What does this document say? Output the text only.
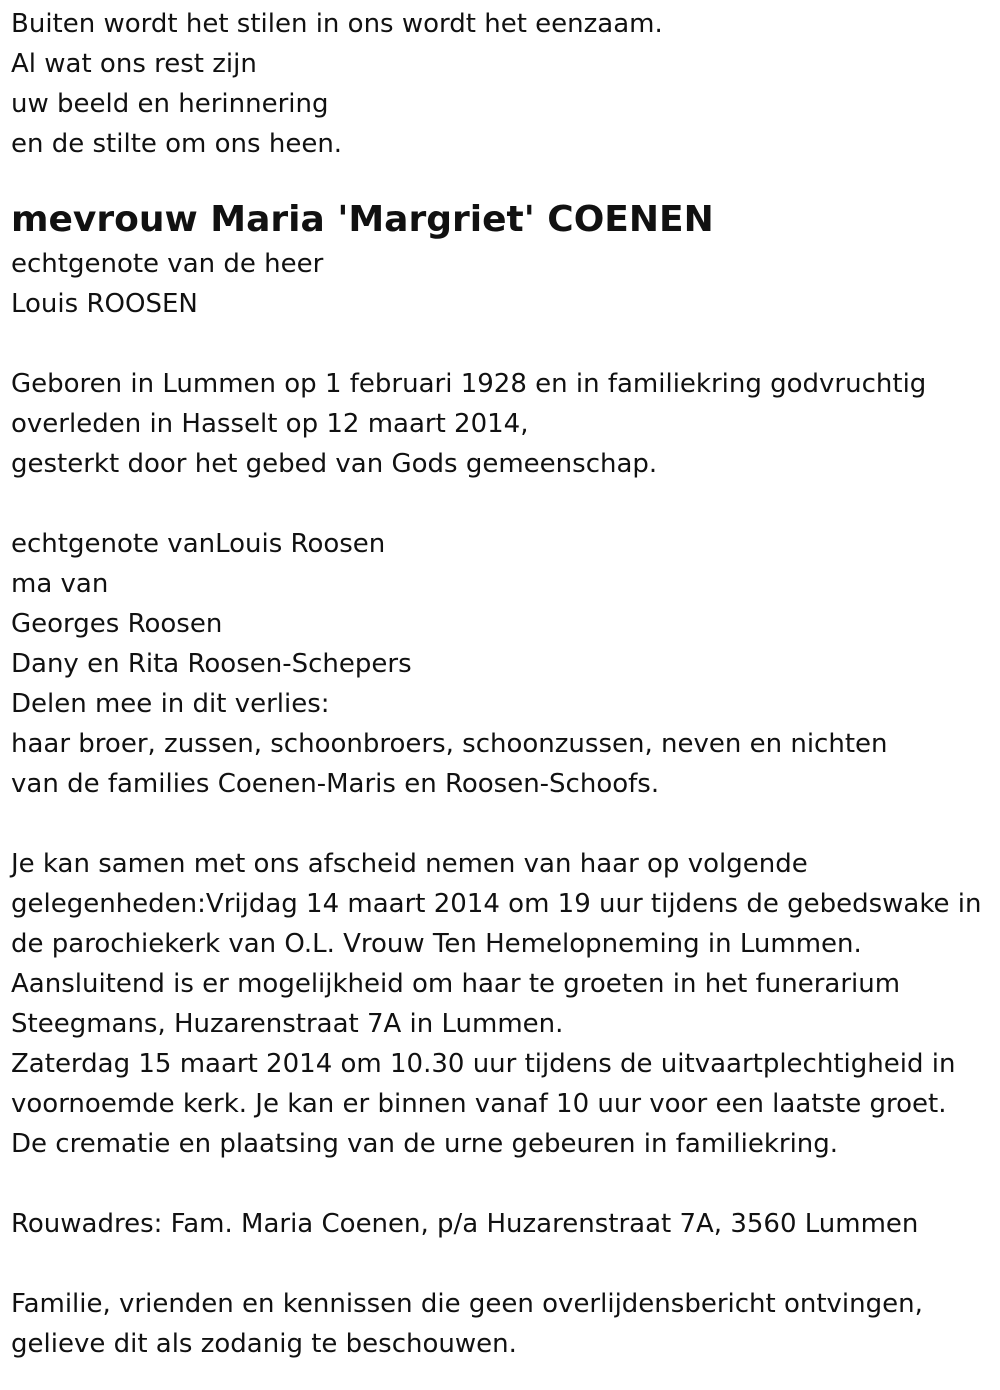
Buiten wordt het stilen in ons wordt het eenzaam.
Al wat ons rest zijn
uw beeld en herinnering
en de stilte om ons heen.
mevrouw Maria 'Margriet' COENEN
echtgenote van de heer
Louis ROOSEN
Geboren in Lummen op 1 februari 1928 en in familiekring godvruchtig
overleden in Hasselt op 12 maart 2014,
gesterkt door het gebed van Gods gemeenschap.
echtgenote vanLouis Roosen
ma van
Georges Roosen
Dany en Rita Roosen-Schepers
Delen mee in dit verlies:
haar broer, zussen, schoonbroers, schoonzussen, neven en nichten
van de families Coenen-Maris en Roosen-Schoofs.
Je kan samen met ons afscheid nemen van haar op volgende
gelegenheden:Vrijdag 14 maart 2014 om 19 uur tijdens de gebedswake in
de parochiekerk van O.L. Vrouw Ten Hemelopneming in Lummen.
Aansluitend is er mogelijkheid om haar te groeten in het funerarium
Steegmans, Huzarenstraat 7A in Lummen.
Zaterdag 15 maart 2014 om 10.30 uur tijdens de uitvaartplechtigheid in
voornoemde kerk. Je kan er binnen vanaf 10 uur voor een laatste groet.
De crematie en plaatsing van de urne gebeuren in familiekring.
Rouwadres: Fam. Maria Coenen, p/a Huzarenstraat 7A, 3560 Lummen
Familie, vrienden en kennissen die geen overlijdensbericht ontvingen,
gelieve dit als zodanig te beschouwen.
